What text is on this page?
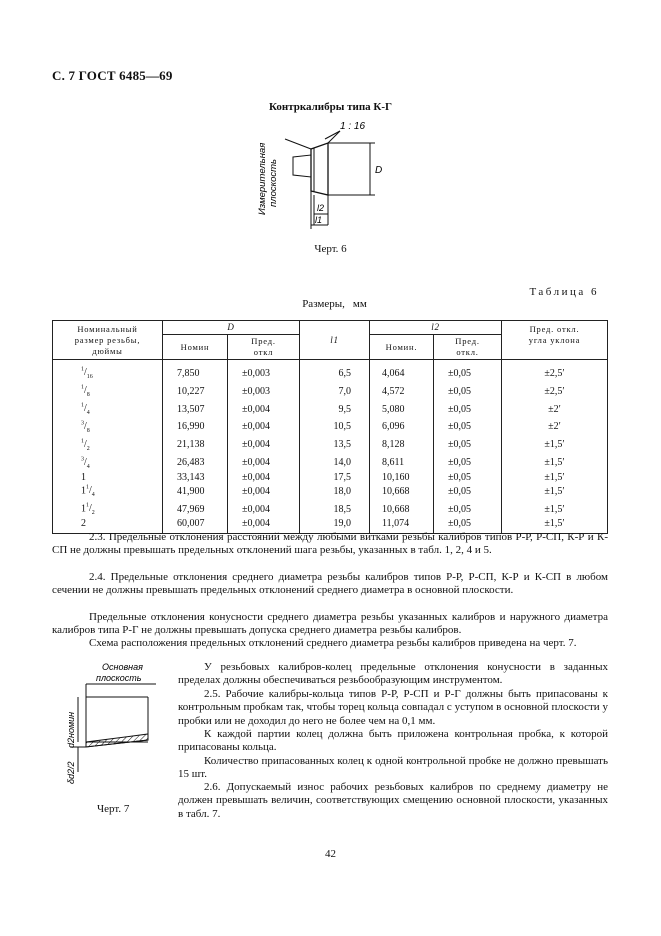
С. 7 ГОСТ 6485—69
Контркалибры типа К-Г
1 : 16
D
l2
l1
Измерительная плоскость
Черт. 6
Таблица 6
Размеры, мм
Номинальный
размер резьбы,
дюймы	D		l1	l2		Пред. откл.
угла уклона

	Номин	Пред.
откл		Номин.	Пред.
откл.	
$^1/_{16}$	7,850	±0,003	6,5	4,064	±0,05	±2,5′
$^1/_8$	10,227	±0,003	7,0	4,572	±0,05	±2,5′
$^1/_4$	13,507	±0,004	9,5	5,080	±0,05	±2′
$^3/_8$	16,990	±0,004	10,5	6,096	±0,05	±2′
$^1/_2$	21,138	±0,004	13,5	8,128	±0,05	±1,5′
$^3/_4$	26,483	±0,004	14,0	8,611	±0,05	±1,5′
1	33,143	±0,004	17,5	10,160	±0,05	±1,5′
$1^1/_4$	41,900	±0,004	18,0	10,668	±0,05	±1,5′
$1^1/_2$	47,969	±0,004	18,5	10,668	±0,05	±1,5′
2	60,007	±0,004	19,0	11,074	±0,05	±1,5′
2.3. Предельные отклонения расстояний между любыми витками резьбы калибров типов Р-Р, Р-СП, К-Р и К-СП не должны превышать предельных отклонений шага резьбы, указанных в табл. 1, 2, 4 и 5.
2.4. Предельные отклонения среднего диаметра резьбы калибров типов Р-Р, Р-СП, К-Р и К-СП в любом сечении не должны превышать предельных отклонений среднего диаметра в основной плоскости.
Предельные отклонения конусности среднего диаметра резьбы указанных калибров и наружного диаметра калибров типа Р-Г не должны превышать допуска среднего диаметра резьбы калибров.
Схема расположения предельных отклонений среднего диаметра резьбы калибров приведена на черт. 7.
Основная
плоскость
d2номин
δd2/2
Черт. 7
У резьбовых калибров-колец предельные отклонения конусности в заданных пределах должны обеспечиваться резьбообразующим инструментом.
2.5. Рабочие калибры-кольца типов Р-Р, Р-СП и Р-Г должны быть припасованы к контрольным пробкам так, чтобы торец кольца совпадал с уступом в основной плоскости у пробки или не доходил до него не более чем на 0,1 мм.
К каждой партии колец должна быть приложена контрольная пробка, к которой припасованы кольца.
Количество припасованных колец к одной контрольной пробке не должно превышать 15 шт.
2.6. Допускаемый износ рабочих резьбовых калибров по среднему диаметру не должен превышать величин, соответствующих смещению основной плоскости, указанных в табл. 7.
42
